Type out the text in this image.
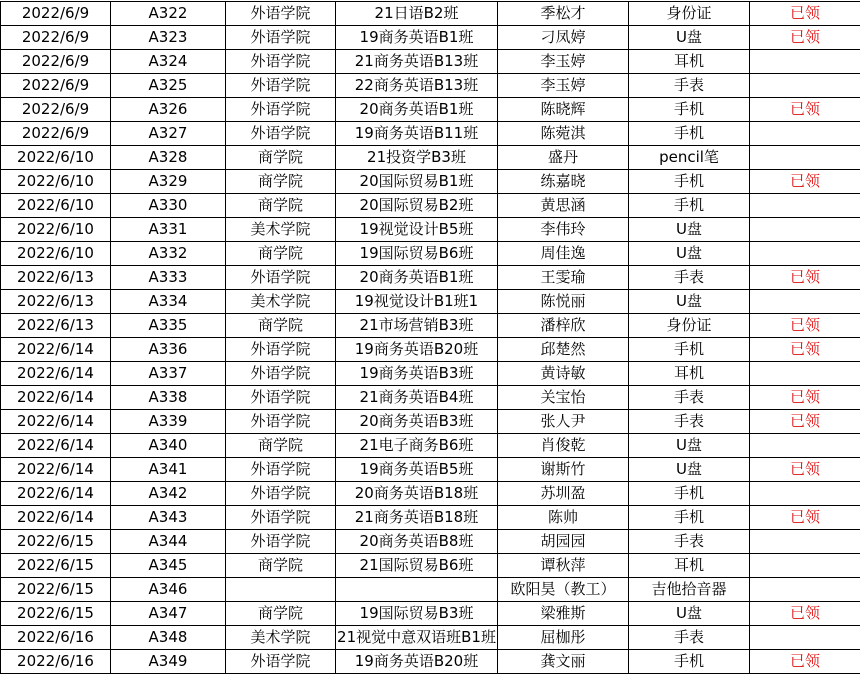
2022/6/9	A322	外语学院	21日语B2班	季松才	身份证	已领
2022/6/9	A323	外语学院	19商务英语B1班	刁凤婷	U盘	已领
2022/6/9	A324	外语学院	21商务英语B13班	李玉婷	耳机	
2022/6/9	A325	外语学院	22商务英语B13班	李玉婷	手表	
2022/6/9	A326	外语学院	20商务英语B1班	陈晓辉	手机	已领
2022/6/9	A327	外语学院	19商务英语B11班	陈菀淇	手机	
2022/6/10	A328	商学院	21投资学B3班	盛丹	pencil笔	
2022/6/10	A329	商学院	20国际贸易B1班	练嘉晓	手机	已领
2022/6/10	A330	商学院	20国际贸易B2班	黄思涵	手机	
2022/6/10	A331	美术学院	19视觉设计B5班	李伟玲	U盘	
2022/6/10	A332	商学院	19国际贸易B6班	周佳逸	U盘	
2022/6/13	A333	外语学院	20商务英语B1班	王雯瑜	手表	已领
2022/6/13	A334	美术学院	19视觉设计B1班1	陈悦丽	U盘	
2022/6/13	A335	商学院	21市场营销B3班	潘梓欣	身份证	已领
2022/6/14	A336	外语学院	19商务英语B20班	邱楚然	手机	已领
2022/6/14	A337	外语学院	19商务英语B3班	黄诗敏	耳机	
2022/6/14	A338	外语学院	21商务英语B4班	关宝怡	手表	已领
2022/6/14	A339	外语学院	20商务英语B3班	张人尹	手表	已领
2022/6/14	A340	商学院	21电子商务B6班	肖俊乾	U盘	
2022/6/14	A341	外语学院	19商务英语B5班	谢斯竹	U盘	已领
2022/6/14	A342	外语学院	20商务英语B18班	苏圳盈	手机	
2022/6/14	A343	外语学院	21商务英语B18班	陈帅	手机	已领
2022/6/15	A344	外语学院	20商务英语B8班	胡园园	手表	
2022/6/15	A345	商学院	21国际贸易B6班	谭秋萍	耳机	
2022/6/15	A346			欧阳昊（教工）	吉他拾音器	
2022/6/15	A347	商学院	19国际贸易B3班	梁雅斯	U盘	已领
2022/6/16	A348	美术学院	21视觉中意双语班B1班	屈枷彤	手表	
2022/6/16	A349	外语学院	19商务英语B20班	龚文丽	手机	已领
